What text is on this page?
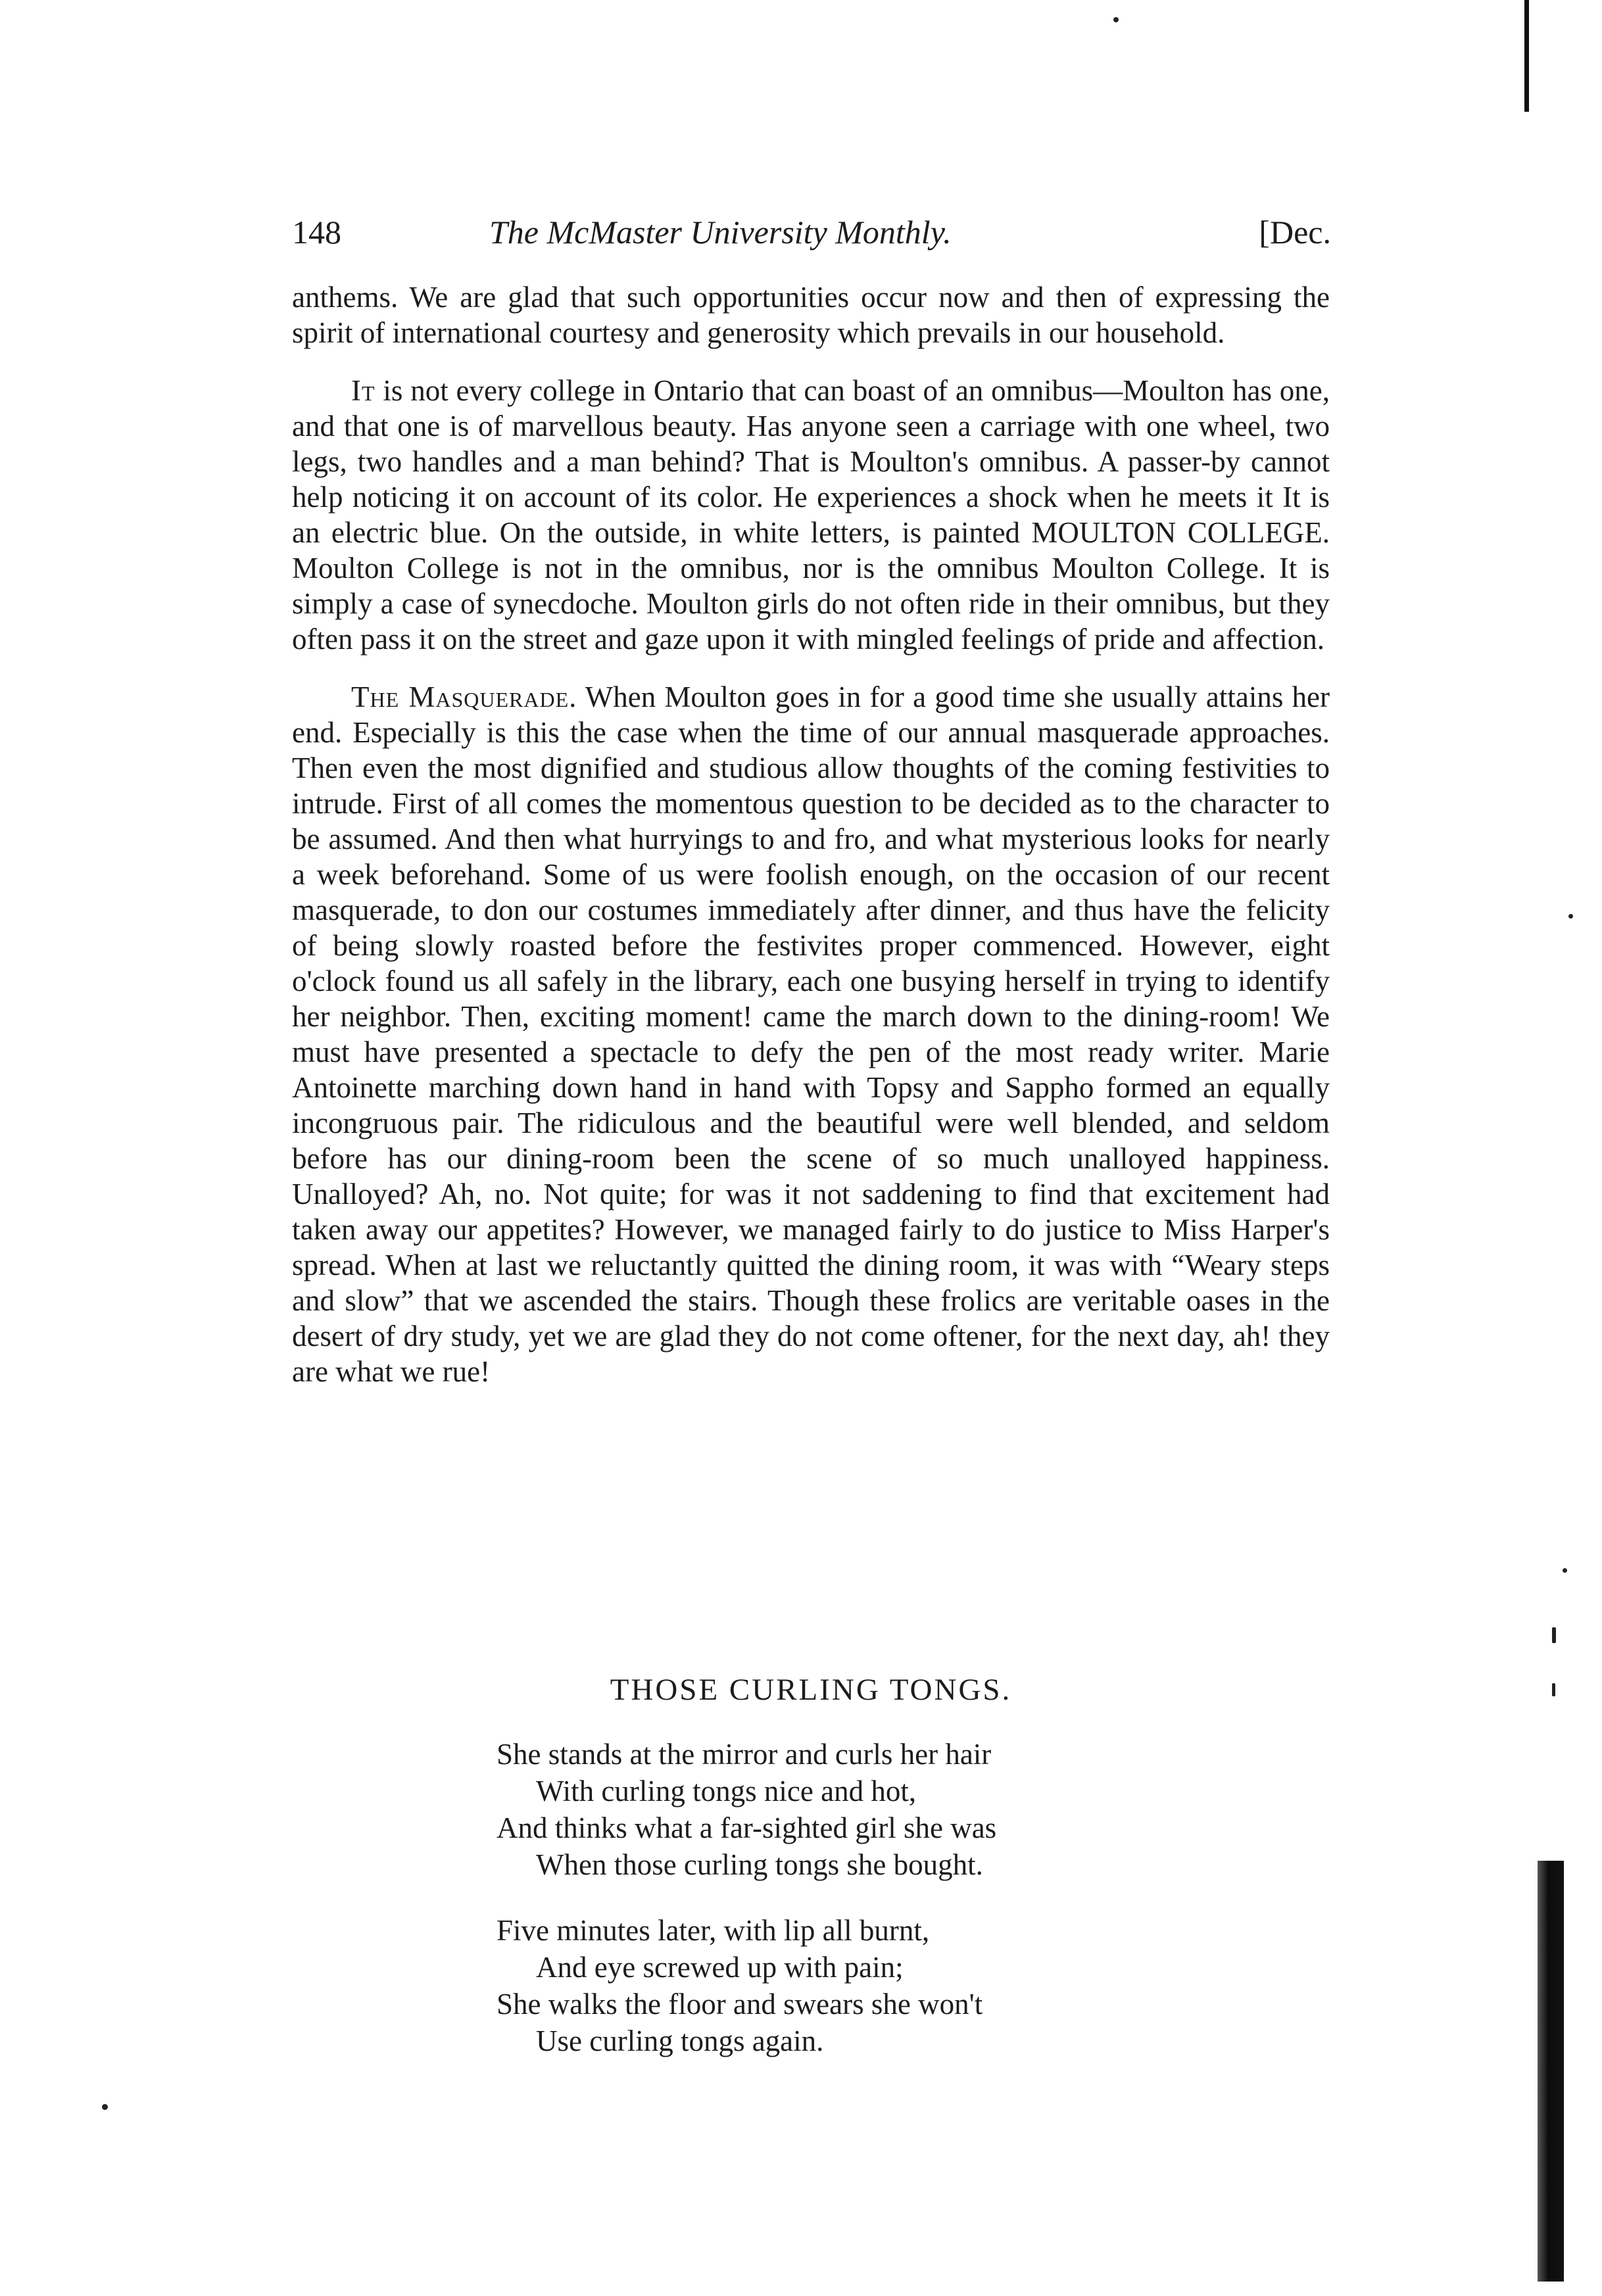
148	The McMaster University Monthly.	[Dec.

anthems. We are glad that such opportunities occur now and then of expressing the spirit of international courtesy and generosity which prevails in our household.

It is not every college in Ontario that can boast of an omnibus—Moulton has one, and that one is of marvellous beauty. Has anyone seen a carriage with one wheel, two legs, two handles and a man behind? That is Moulton's omnibus. A passer-by cannot help noticing it on account of its color. He experiences a shock when he meets it It is an electric blue. On the outside, in white letters, is painted MOULTON COLLEGE. Moulton College is not in the omnibus, nor is the omnibus Moulton College. It is simply a case of synecdoche. Moulton girls do not often ride in their omnibus, but they often pass it on the street and gaze upon it with mingled feelings of pride and affection.

The Masquerade. When Moulton goes in for a good time she usually attains her end. Especially is this the case when the time of our annual masquerade approaches. Then even the most dignified and studious allow thoughts of the coming festivities to intrude. First of all comes the momentous question to be decided as to the character to be assumed. And then what hurryings to and fro, and what mysterious looks for nearly a week beforehand. Some of us were foolish enough, on the occasion of our recent masquerade, to don our costumes immediately after dinner, and thus have the felicity of being slowly roasted before the festivites proper commenced. However, eight o'clock found us all safely in the library, each one busying herself in trying to identify her neighbor. Then, exciting moment! came the march down to the dining-room! We must have presented a spectacle to defy the pen of the most ready writer. Marie Antoinette marching down hand in hand with Topsy and Sappho formed an equally incongruous pair. The ridiculous and the beautiful were well blended, and seldom before has our dining-room been the scene of so much unalloyed happiness. Unalloyed? Ah, no. Not quite; for was it not saddening to find that excitement had taken away our appetites? However, we managed fairly to do justice to Miss Harper's spread. When at last we reluctantly quitted the dining room, it was with “Weary steps and slow” that we ascended the stairs. Though these frolics are veritable oases in the desert of dry study, yet we are glad they do not come oftener, for the next day, ah! they are what we rue!

THOSE CURLING TONGS.
She stands at the mirror and curls her hair
With curling tongs nice and hot,
And thinks what a far-sighted girl she was
When those curling tongs she bought.
Five minutes later, with lip all burnt,
And eye screwed up with pain;
She walks the floor and swears she won't
Use curling tongs again.
